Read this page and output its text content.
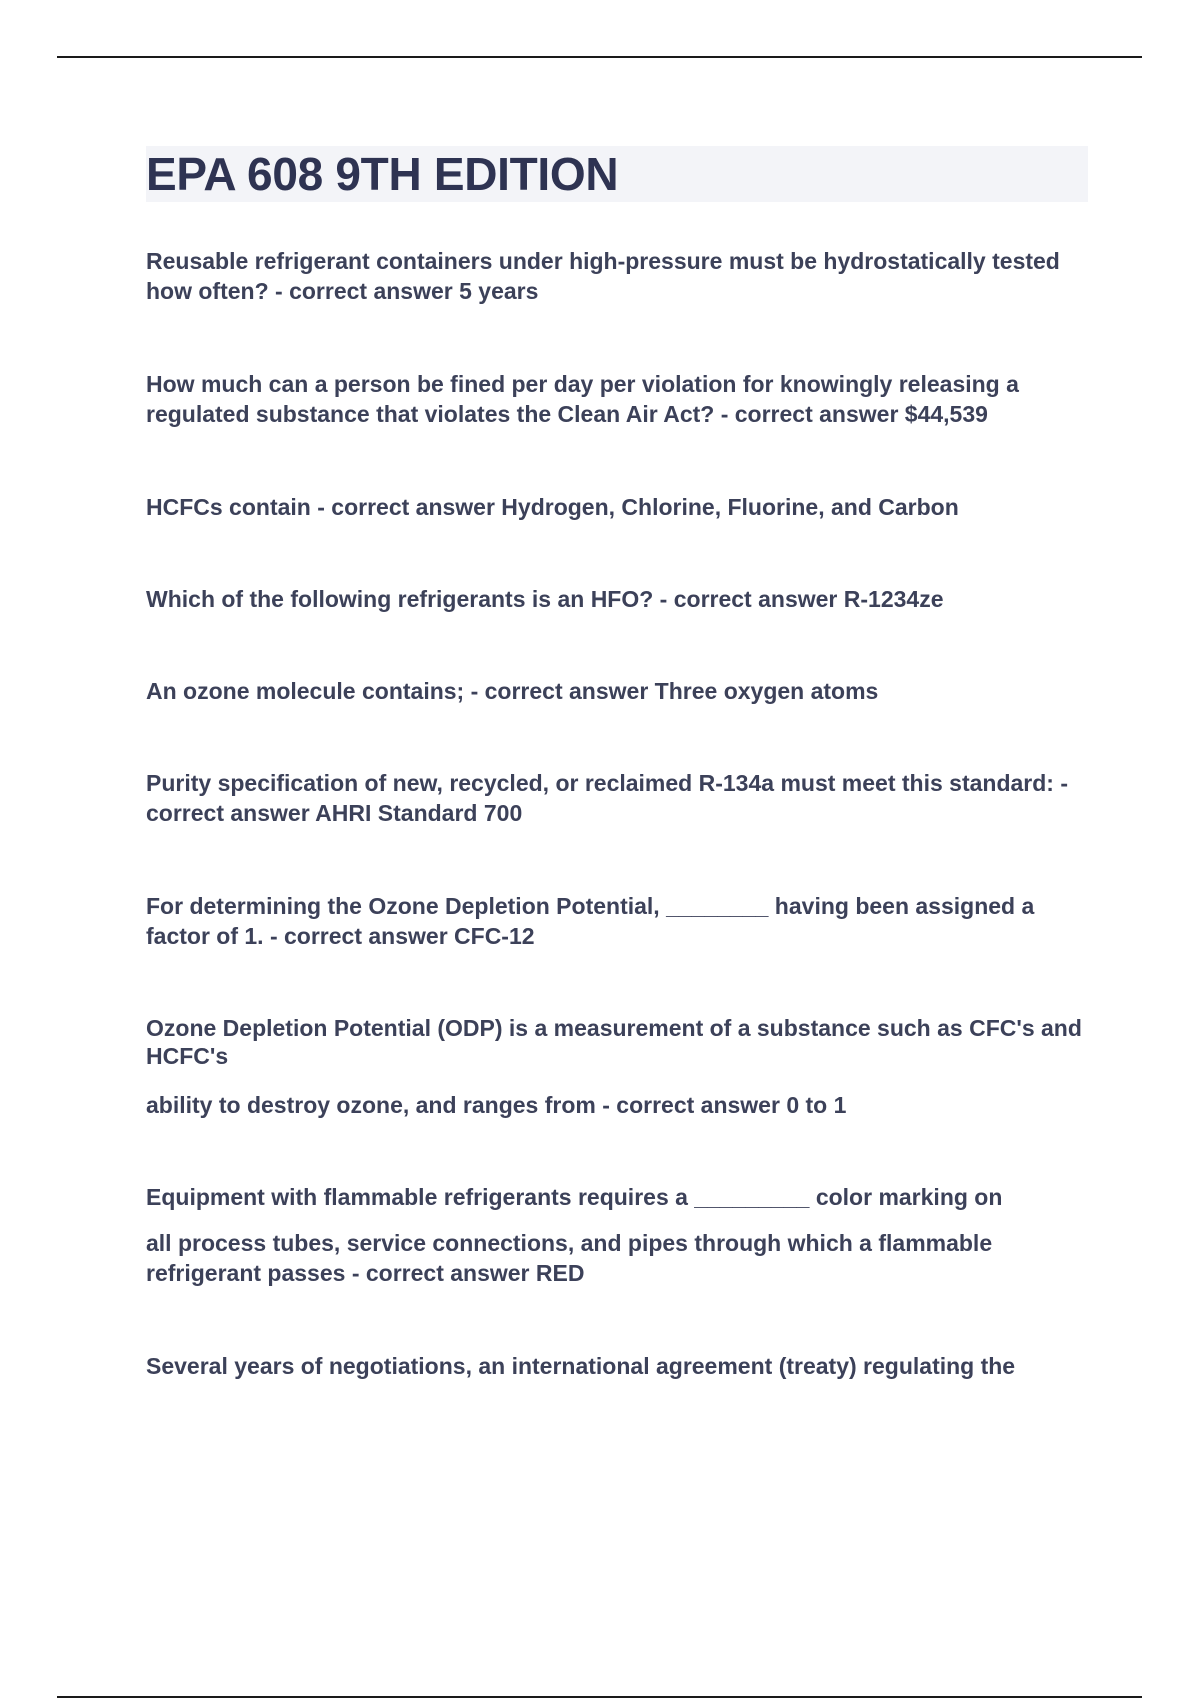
EPA 608 9TH EDITION

Reusable refrigerant containers under high-pressure must be hydrostatically tested how often? - correct answer 5 years

How much can a person be fined per day per violation for knowingly releasing a regulated substance that violates the Clean Air Act? - correct answer $44,539

HCFCs contain - correct answer Hydrogen, Chlorine, Fluorine, and Carbon

Which of the following refrigerants is an HFO? - correct answer R-1234ze

An ozone molecule contains; - correct answer Three oxygen atoms

Purity specification of new, recycled, or reclaimed R-134a must meet this standard: - correct answer AHRI Standard 700

For determining the Ozone Depletion Potential, ________ having been assigned a factor of 1. - correct answer CFC-12

Ozone Depletion Potential (ODP) is a measurement of a substance such as CFC's and HCFC's

ability to destroy ozone, and ranges from - correct answer 0 to 1

Equipment with flammable refrigerants requires a _________ color marking on

all process tubes, service connections, and pipes through which a flammable refrigerant passes - correct answer RED

Several years of negotiations, an international agreement (treaty) regulating the
